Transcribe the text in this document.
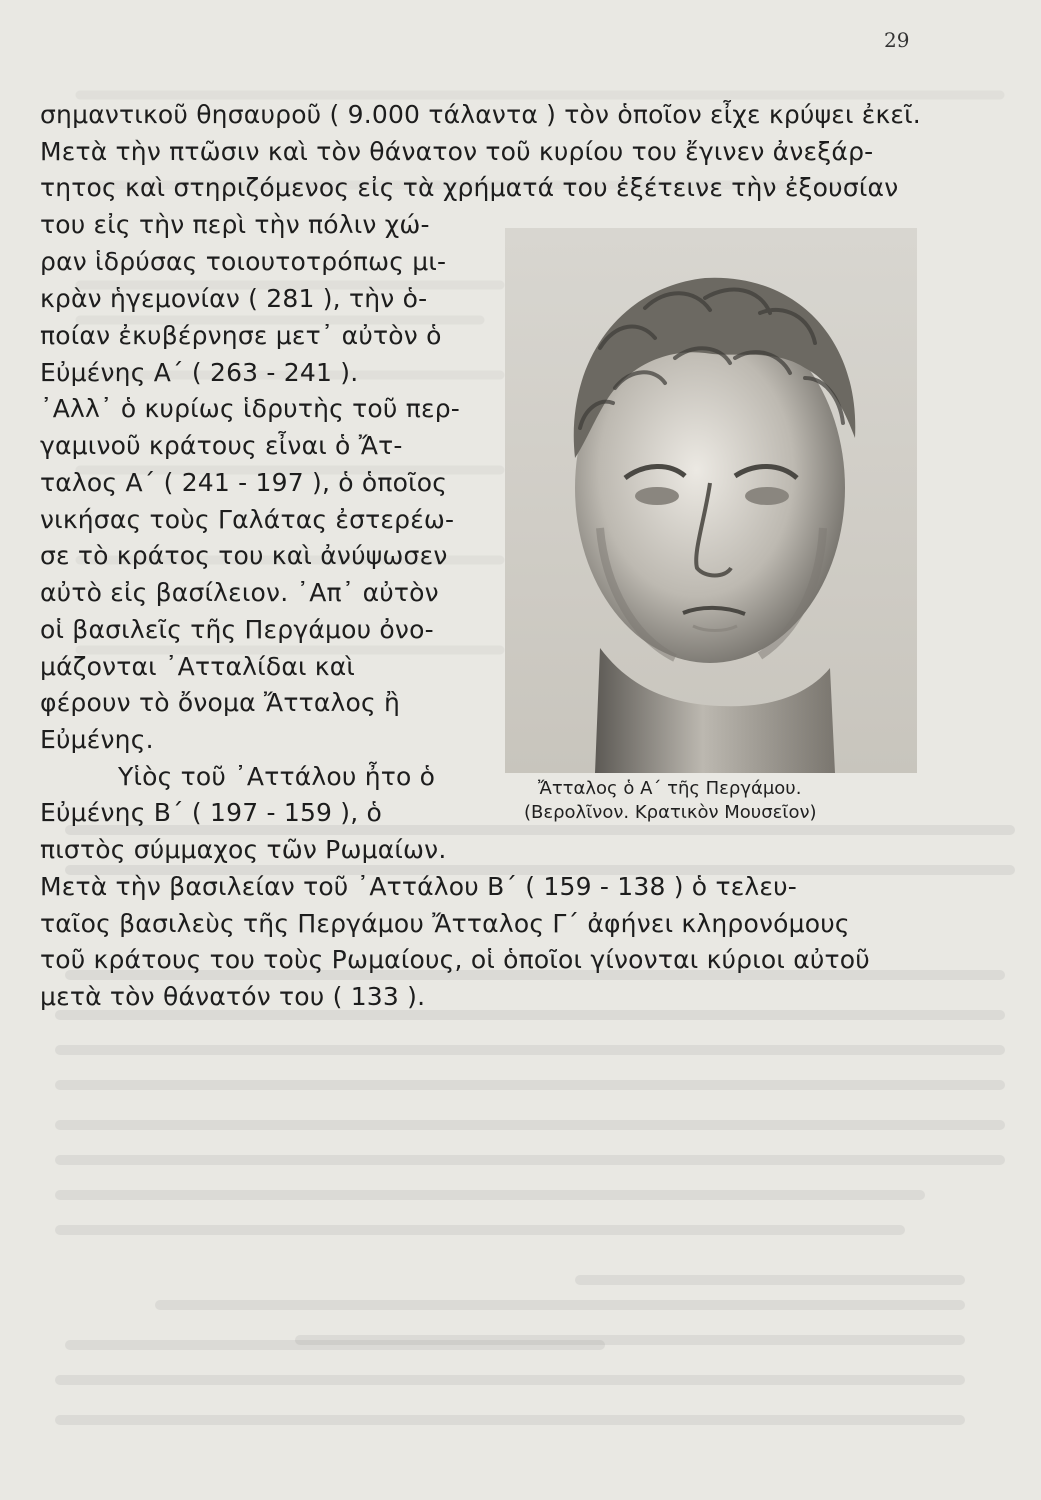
29
σημαντικοῦ θησαυροῦ ( 9.000 τάλαντα ) τὸν ὁποῖον εἶχε κρύψει ἐκεῖ.
Μετὰ τὴν πτῶσιν καὶ τὸν θάνατον τοῦ κυρίου του ἔγινεν ἀνεξάρ-
τητος καὶ στηριζόμενος εἰς τὰ χρήματά του ἐξέτεινε τὴν ἐξουσίαν
του εἰς τὴν περὶ τὴν πόλιν χώ-
ραν ἱδρύσας τοιουτοτρόπως μι-
κρὰν ἡγεμονίαν ( 281 ), τὴν ὁ-
ποίαν ἐκυβέρνησε μετ᾽ αὐτὸν ὁ
Εὐμένης Α΄ ( 263 - 241 ).
᾽Αλλ᾽ ὁ κυρίως ἱδρυτὴς τοῦ περ-
γαμινοῦ κράτους εἶναι ὁ Ἄτ-
ταλος Α΄ ( 241 - 197 ), ὁ ὁποῖος
νικήσας τοὺς Γαλάτας ἐστερέω-
σε τὸ κράτος του καὶ ἀνύψωσεν
αὐτὸ εἰς βασίλειον. ᾽Απ᾽ αὐτὸν
οἱ βασιλεῖς τῆς Περγάμου ὀνο-
μάζονται ᾽Ατταλίδαι καὶ
φέρουν τὸ ὄνομα Ἄτταλος ἢ
Εὐμένης.
Υἱὸς τοῦ ᾽Αττάλου ἦτο ὁ
Εὐμένης Β΄ ( 197 - 159 ), ὁ
πιστὸς σύμμαχος τῶν Ρωμαίων.
Μετὰ τὴν βασιλείαν τοῦ ᾽Αττάλου Β΄ ( 159 - 138 ) ὁ τελευ-
ταῖος βασιλεὺς τῆς Περγάμου Ἄτταλος Γ΄ ἀφήνει κληρονόμους
τοῦ κράτους του τοὺς Ρωμαίους, οἱ ὁποῖοι γίνονται κύριοι αὐτοῦ
μετὰ τὸν θάνατόν του ( 133 ).
Ἄτταλος ὁ Α΄ τῆς Περγάμου.
(Βερολῖνον. Κρατικὸν Μουσεῖον)
